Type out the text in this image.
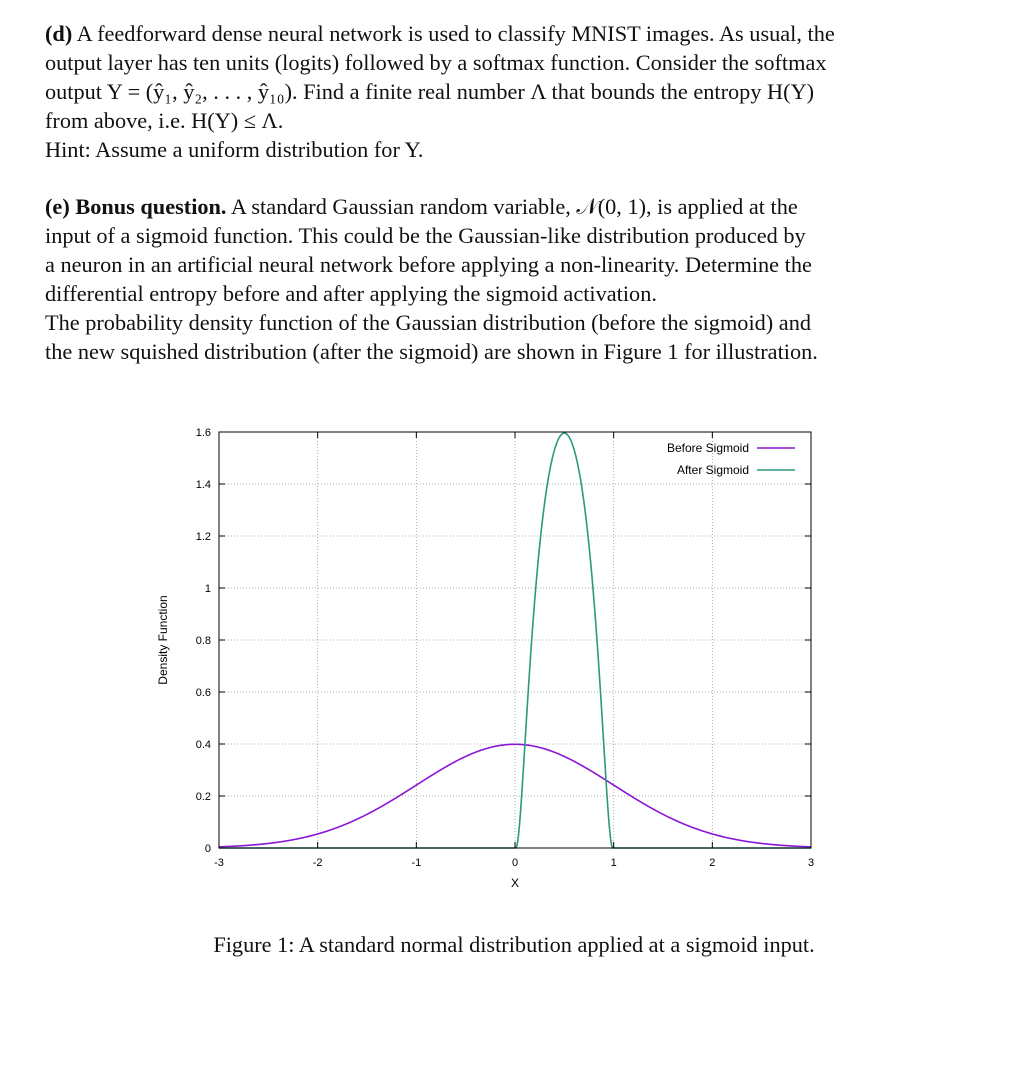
(d) A feedforward dense neural network is used to classify MNIST images. As usual, the
output layer has ten units (logits) followed by a softmax function. Consider the softmax
output Y = (ŷ₁, ŷ₂, . . . , ŷ₁₀). Find a finite real number Λ that bounds the entropy H(Y)
from above, i.e. H(Y) ≤ Λ.
Hint: Assume a uniform distribution for Y.
(e) Bonus question. A standard Gaussian random variable, 𝒩(0, 1), is applied at the
input of a sigmoid function. This could be the Gaussian-like distribution produced by
a neuron in an artificial neural network before applying a non-linearity. Determine the
differential entropy before and after applying the sigmoid activation.
The probability density function of the Gaussian distribution (before the sigmoid) and
the new squished distribution (after the sigmoid) are shown in Figure 1 for illustration.
-3	-2	-1	0	1	2	3
0
0.2
0.4
0.6
0.8
1
1.2
1.4
1.6
X
Density Function
Before Sigmoid
After Sigmoid
Figure 1: A standard normal distribution applied at a sigmoid input.
